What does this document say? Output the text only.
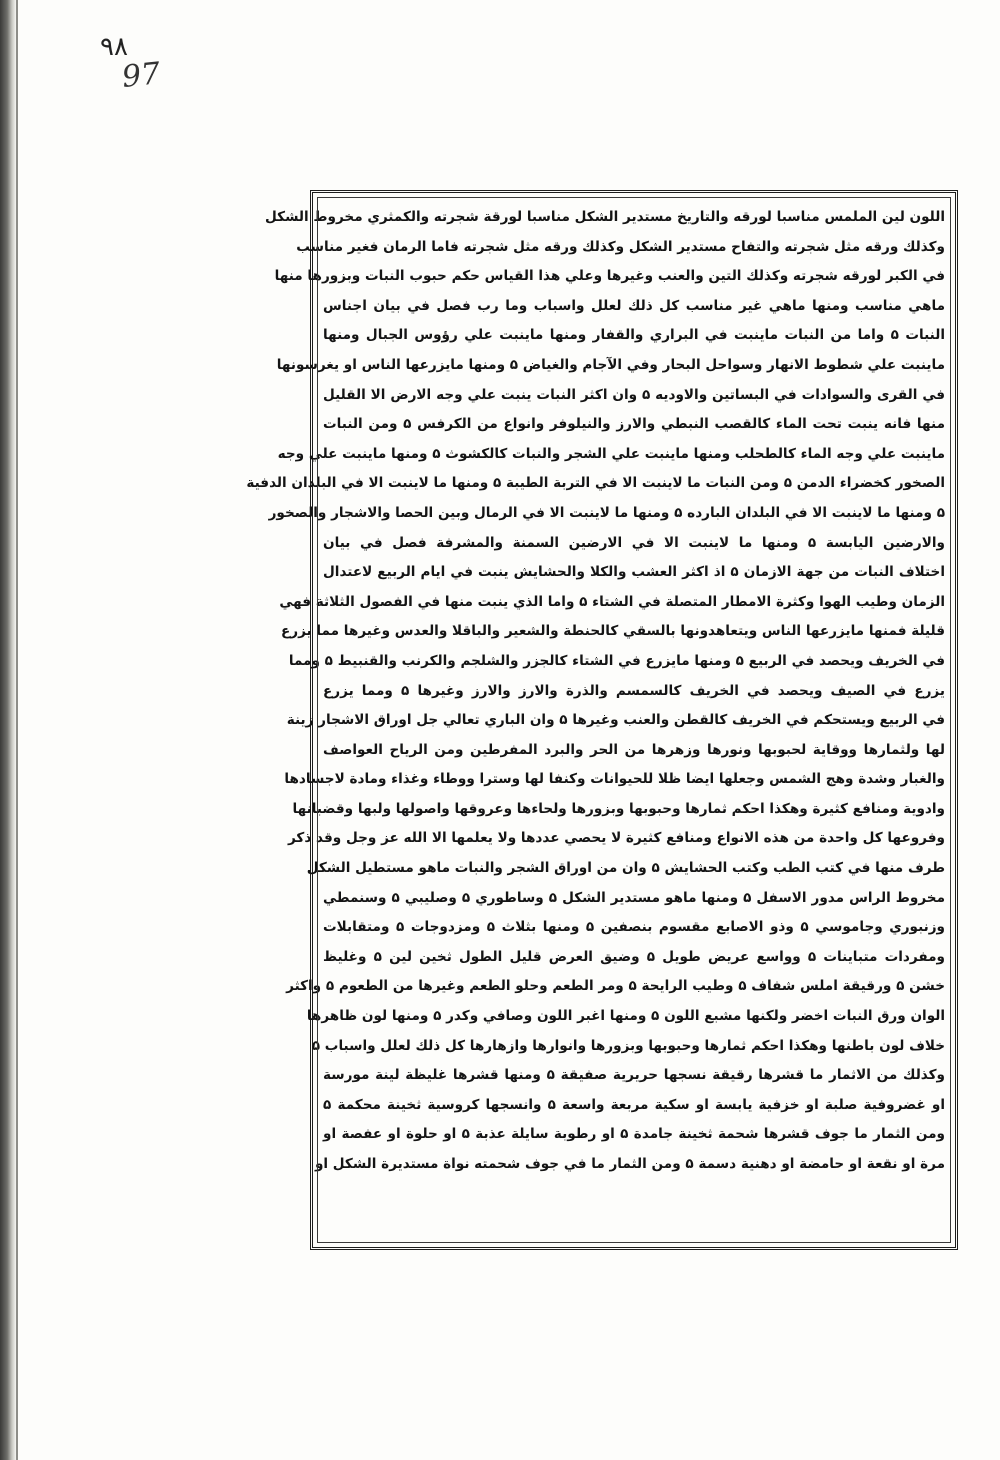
٩٨
97
اللون لين الملمس مناسبا لورقه والتاريخ مستدير الشكل مناسبا لورقة شجرته والكمثري مخروط الشكل
وكذلك ورقه مثل شجرته والتفاح مستدير الشكل وكذلك ورقه مثل شجرته فاما الرمان فغير مناسب
في الكبر لورقه شجرته وكذلك التين والعنب وغيرها وعلي هذا القياس حكم حبوب النبات وبزورها منها
ماهي مناسب ومنها ماهي غير مناسب كل ذلك لعلل واسباب وما رب فصل في بيان اجناس
النبات ۵ واما من النبات ماينبت في البراري والقفار ومنها ماينبت علي رؤوس الجبال ومنها
ماينبت علي شطوط الانهار وسواحل البحار وفي الآجام والغياض ۵ ومنها مايزرعها الناس او يغرسونها
في القرى والسوادات في البساتين والاوديه ۵ وان اكثر النبات ينبت علي وجه الارض الا القليل
منها فانه ينبت تحت الماء كالقصب النبطي والارز والنيلوفر وانواع من الكرفس ۵ ومن النبات
ماينبت علي وجه الماء كالطحلب ومنها ماينبت علي الشجر والنبات كالكشوث ۵ ومنها ماينبت علي وجه
الصخور كخضراء الدمن ۵ ومن النبات ما لاينبت الا في التربة الطيبة ۵ ومنها ما لاينبت الا في البلدان الدفية
۵ ومنها ما لاينبت الا في البلدان البارده ۵ ومنها ما لاينبت الا في الرمال وبين الحصا والاشجار والصخور
والارضين اليابسة ۵ ومنها ما لاينبت الا في الارضين السمنة والمشرفة فصل في بيان
اختلاف النبات من جهة الازمان ۵ اذ اكثر العشب والكلا والحشايش ينبت في ايام الربيع لاعتدال
الزمان وطيب الهوا وكثرة الامطار المتصلة في الشتاء ۵ واما الذي ينبت منها في الفصول الثلاثة فهي
قليلة فمنها مايزرعها الناس ويتعاهدونها بالسقي كالحنطة والشعير والباقلا والعدس وغيرها مما يزرع
في الخريف ويحصد في الربيع ۵ ومنها مايزرع في الشتاء كالجزر والشلجم والكرنب والقنبيط ۵ ومما
يزرع في الصيف ويحصد في الخريف كالسمسم والذرة والارز والارز وغيرها ۵ ومما يزرع
في الربيع ويستحكم في الخريف كالقطن والعنب وغيرها ۵ وان الباري تعالي جل اوراق الاشجار زينة
لها ولثمارها ووقاية لحبوبها ونورها وزهرها من الحر والبرد المفرطين ومن الرياح العواصف
والغبار وشدة وهج الشمس وجعلها ايضا ظلا للحيوانات وكنفا لها وسترا ووطاء وغذاء ومادة لاجسادها
وادوية ومنافع كثيرة وهكذا احكم ثمارها وحبوبها وبزورها ولحاءها وعروقها واصولها ولبها وقضبانها
وفروعها كل واحدة من هذه الانواع ومنافع كثيرة لا يحصي عددها ولا يعلمها الا الله عز وجل وقد ذكر
طرف منها في كتب الطب وكتب الحشايش ۵ وان من اوراق الشجر والنبات ماهو مستطيل الشكل
مخروط الراس مدور الاسفل ۵ ومنها ماهو مستدير الشكل ۵ وساطوري ۵ وصليبي ۵ وسنمطي
وزنبوري وجاموسي ۵ وذو الاصابع مقسوم بنصفين ۵ ومنها بثلاث ۵ ومزدوجات ۵ ومتقابلات
ومفردات متباينات ۵ وواسع عريض طويل ۵ وضيق العرض قليل الطول ثخين لين ۵ وغليظ
خشن ۵ ورقيقة املس شفاف ۵ وطيب الرايحة ۵ ومر الطعم وحلو الطعم وغيرها من الطعوم ۵ واكثر
الوان ورق النبات اخضر ولكنها مشبع اللون ۵ ومنها اغبر اللون وصافي وكدر ۵ ومنها لون ظاهرها
خلاف لون باطنها وهكذا احكم ثمارها وحبوبها وبزورها وانوارها وازهارها كل ذلك لعلل واسباب ۵
وكذلك من الاثمار ما قشرها رقيقة نسجها حريرية صفيقة ۵ ومنها قشرها غليظة لينة مورسة
او غضروفية صلبة او خزفية يابسة او سكية مربعة واسعة ۵ وانسجها كروسية ثخينة محكمة ۵
ومن الثمار ما جوف قشرها شحمة ثخينة جامدة ۵ او رطوبة سايلة عذبة ۵ او حلوة او عفصة او
مرة او نقعة او حامضة او دهنية دسمة ۵ ومن الثمار ما في جوف شحمته نواة مستديرة الشكل او
